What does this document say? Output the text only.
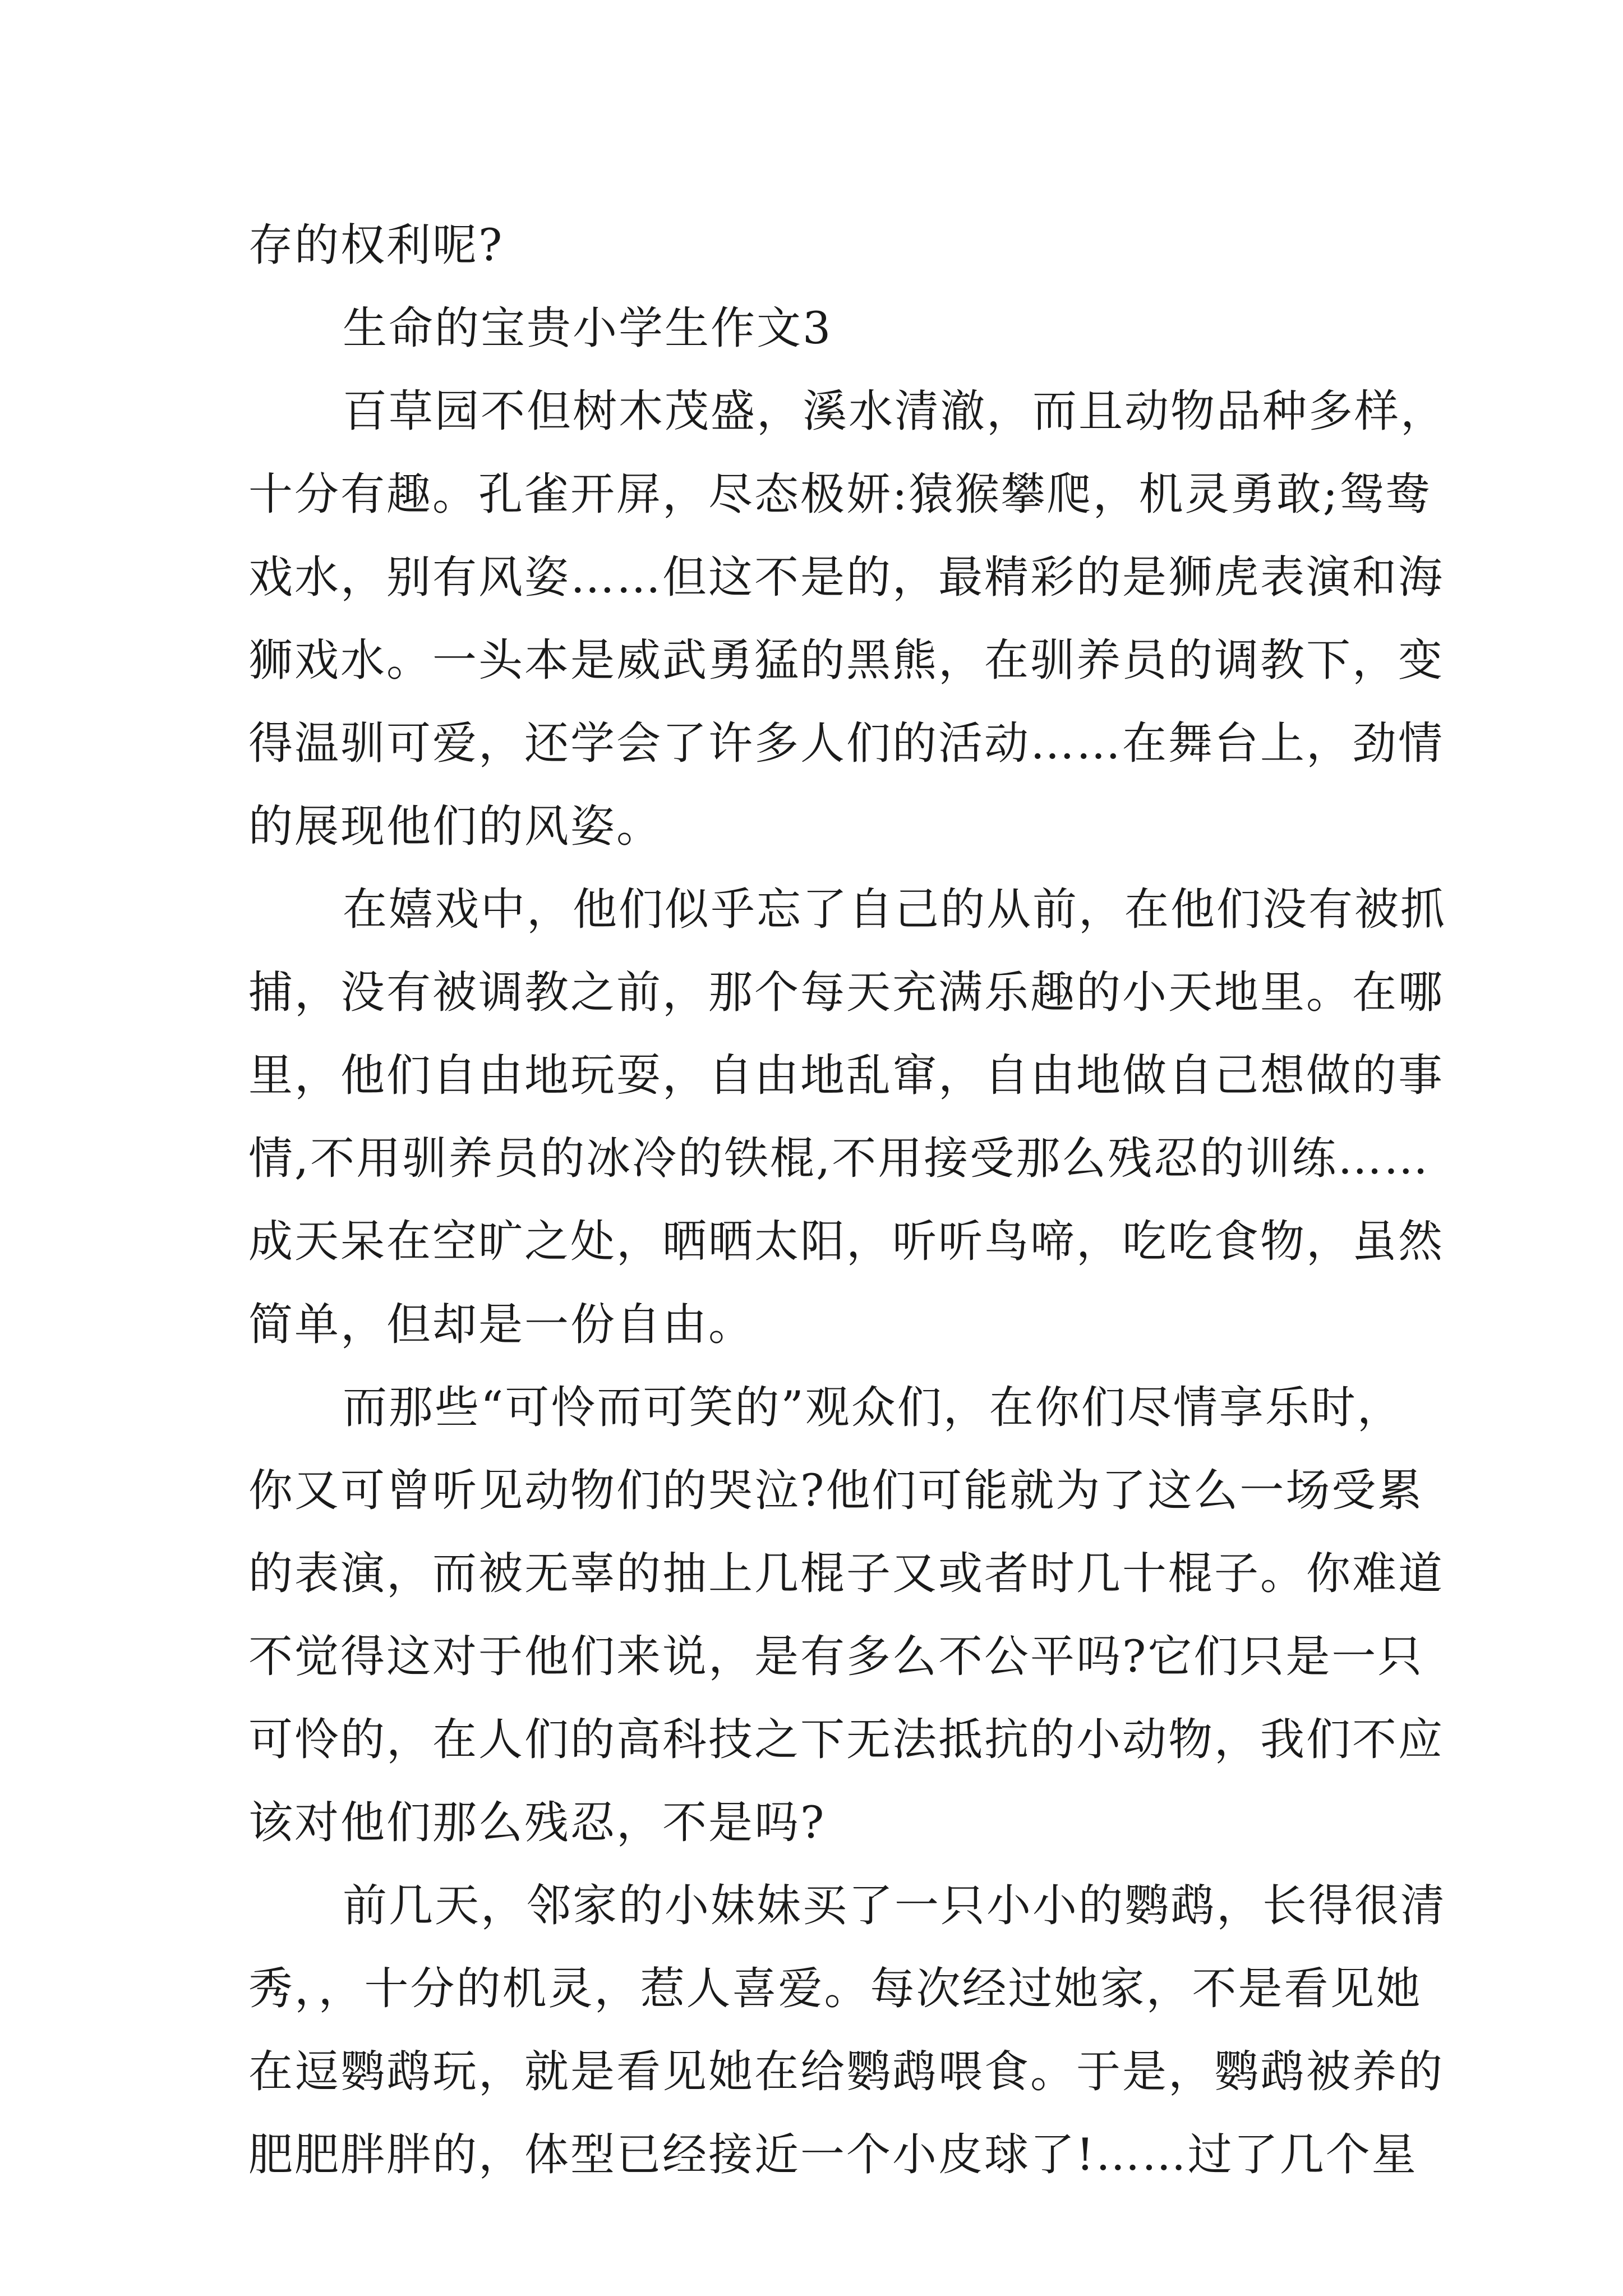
存的权利呢?
生命的宝贵小学生作文3
百草园不但树木茂盛，溪水清澈，而且动物品种多样，
十分有趣。孔雀开屏，尽态极妍:猿猴攀爬，机灵勇敢;鸳鸯
戏水，别有风姿……但这不是的，最精彩的是狮虎表演和海
狮戏水。一头本是威武勇猛的黑熊，在驯养员的调教下，变
得温驯可爱，还学会了许多人们的活动……在舞台上，劲情
的展现他们的风姿。
在嬉戏中，他们似乎忘了自己的从前，在他们没有被抓
捕，没有被调教之前，那个每天充满乐趣的小天地里。在哪
里，他们自由地玩耍，自由地乱窜，自由地做自己想做的事
情,不用驯养员的冰冷的铁棍,不用接受那么残忍的训练……
成天呆在空旷之处，晒晒太阳，听听鸟啼，吃吃食物，虽然
简单，但却是一份自由。
而那些“可怜而可笑的”观众们，在你们尽情享乐时，
你又可曾听见动物们的哭泣?他们可能就为了这么一场受累
的表演，而被无辜的抽上几棍子又或者时几十棍子。你难道
不觉得这对于他们来说，是有多么不公平吗?它们只是一只
可怜的，在人们的高科技之下无法抵抗的小动物，我们不应
该对他们那么残忍，不是吗?
前几天，邻家的小妹妹买了一只小小的鹦鹉，长得很清
秀，，十分的机灵，惹人喜爱。每次经过她家，不是看见她
在逗鹦鹉玩，就是看见她在给鹦鹉喂食。于是，鹦鹉被养的
肥肥胖胖的，体型已经接近一个小皮球了!……过了几个星
